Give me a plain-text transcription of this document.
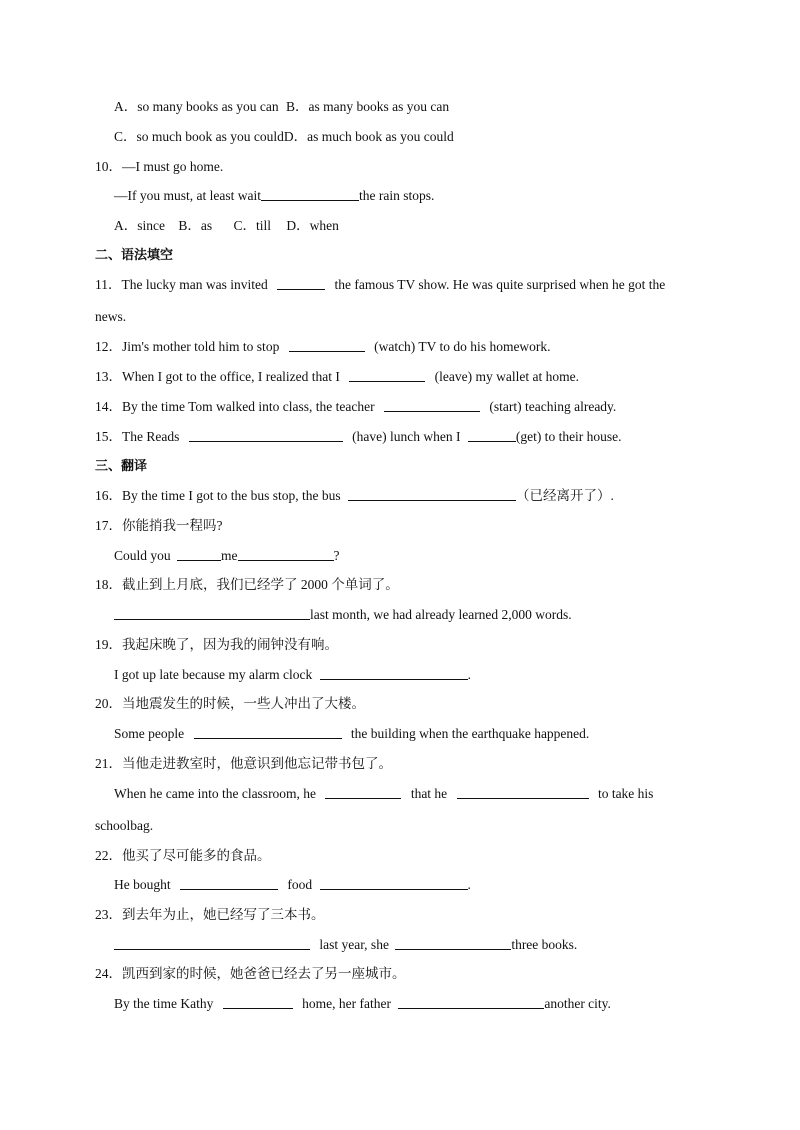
A．so many books as you can B．as many books as you can
C．so much book as you couldD．as much book as you could
10．—I must go home.
—If you must, at least wait	the rain stops.
A．since B．as C．till D．when
二、语法填空
11．The lucky man was invited	the famous TV show. He was quite surprised when he got the
news.
12．Jim's mother told him to stop	(watch) TV to do his homework.
13．When I got to the office, I realized that I	(leave) my wallet at home.
14．By the time Tom walked into class, the teacher	(start) teaching already.
15．The Reads	(have) lunch when I	(get) to their house.
三、翻译
16．By the time I got to the bus stop, the bus	（已经离开了）.
17．你能捎我一程吗?
Could you	me	?
18．截止到上月底，我们已经学了 2000 个单词了。
last month, we had already learned 2,000 words.
19．我起床晚了，因为我的闹钟没有响。
I got up late because my alarm clock	.
20．当地震发生的时候，一些人冲出了大楼。
Some people	the building when the earthquake happened.
21．当他走进教室时，他意识到他忘记带书包了。
When he came into the classroom, he	that he	to take his
schoolbag.
22．他买了尽可能多的食品。
He bought	food	.
23．到去年为止，她已经写了三本书。
last year, she	three books.
24．凯西到家的时候，她爸爸已经去了另一座城市。
By the time Kathy	home, her father	another city.
